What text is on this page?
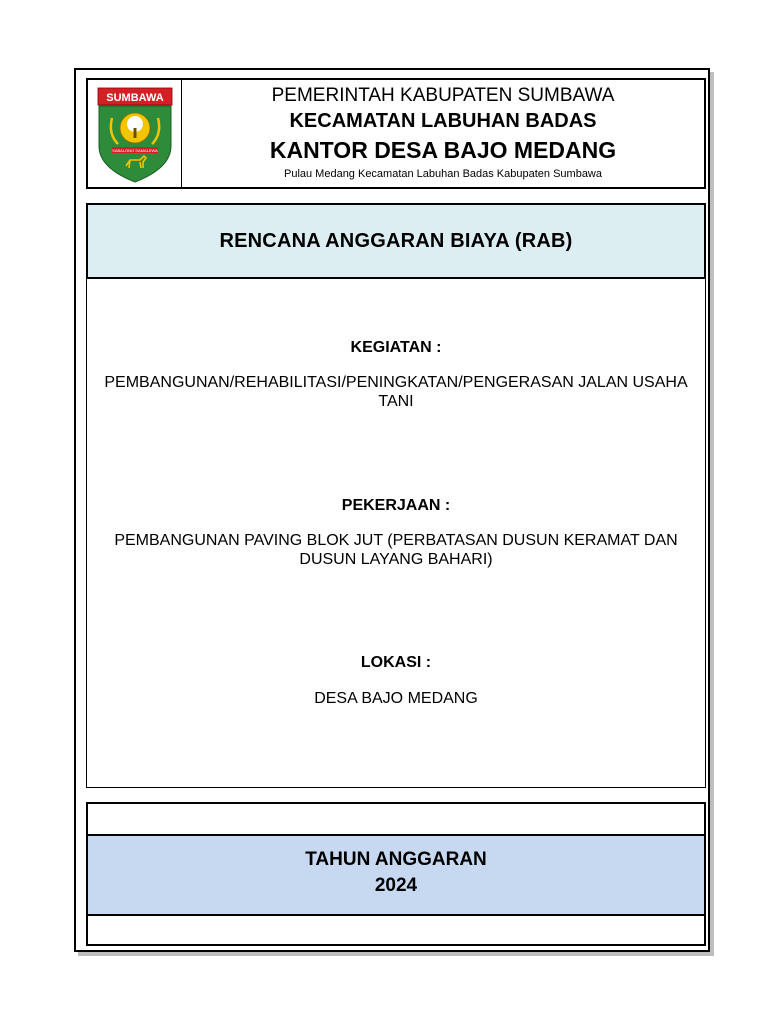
SUMBAWA
SABALONG SAMALEWA
PEMERINTAH KABUPATEN SUMBAWA
KECAMATAN LABUHAN BADAS
KANTOR DESA BAJO MEDANG
Pulau Medang Kecamatan Labuhan Badas Kabupaten Sumbawa
RENCANA ANGGARAN BIAYA (RAB)
KEGIATAN :
PEMBANGUNAN/REHABILITASI/PENINGKATAN/PENGERASAN JALAN USAHA TANI
PEKERJAAN :
PEMBANGUNAN PAVING BLOK JUT (PERBATASAN DUSUN KERAMAT DAN DUSUN LAYANG BAHARI)
LOKASI :
DESA BAJO MEDANG
TAHUN ANGGARAN
2024
